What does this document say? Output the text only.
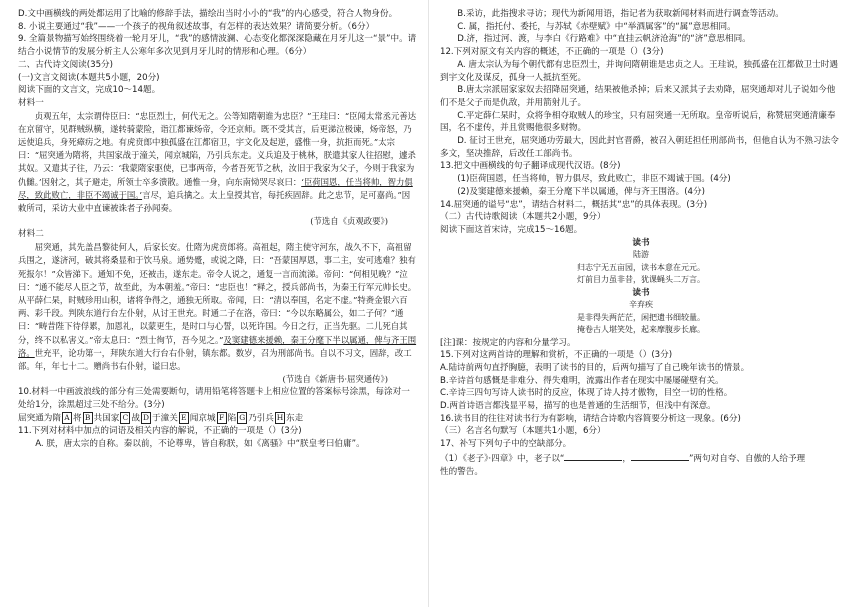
D.文中画横线的两处都运用了比喻的修辞手法，描绘出当时小小的“我”的内心感受，符合人物身份。

8. 小说主要通过“我”——一个孩子的视角叙述故事，有怎样的表达效果？请简要分析。（6分）

9. 全篇景物描写始终围绕着一轮月牙儿，“我”的感情波澜、心态变化都深深隐藏在月牙儿这一“景”中。请结合小说情节的发展分析主人公寒年多次见到月牙儿时的情形和心理。（6分）

二、古代诗文阅读(35分)

(一)文言文阅读(本题共5小题，20分)

阅读下面的文言文，完成10～14题。

材料一

贞观五年，太宗谓侍臣曰：“忠臣烈士，何代无之。公等知隋朝谁为忠臣？”王珪曰：“臣闻太常丞元善达在京留守，见群贼纵横，遂转骑蒙险，诣江都谏炀帝，令还京师。既不受其言，后更涕泣极谏，炀帝怒，乃远使追兵，身死瘴疠之地。有虎贲郎中独孤盛在江都宿卫，宇文化及起逆，盛惟一身，抗拒而死。”太宗曰：“屈突通为隋将，共国家战于潼关，闻京城陷，乃引兵东走。义兵追及于桃林，朕遣其家人往招慰，遽杀其奴。又遣其子往，乃云：‘我蒙隋家驱使，已事两帝，今者吾死节之秋，汝旧于我家为父子，今则于我家为仇雠。’因射之，其子避走，所领士卒多溃散。通惟一身，向东南恸哭尽哀曰：‘臣荷国恩，任当将帅，智力俱尽，致此败亡，非臣不竭诚于国。’言尽，追兵擒之。太上皇授其官，每托疾固辞。此之忠节，足可嘉尚。”因敕所司，采访大业中直谏被诛者子孙闻奏。

(节选自《贞观政要》)

材料二

屈突通，其先盖昌黎徒何人，后家长安。仕隋为虎贲郎将。高祖起，隋主使守河东，战久不下，高祖留兵围之，遂济河，破其将桑显和于饮马泉。通势蹙，或说之降，曰：“吾蒙国厚恩，事二主，安可逃难？独有死报尔！”众皆涕下。通知不免，还被击，遂东走。帝令人说之，通复一言而流涕。帝问：“何相见晚？”泣曰：“通不能尽人臣之节，故至此，为本朝羞。”帝曰：“忠臣也！”释之，授兵部尚书，为秦王行军元帅长史。从平薛仁杲，时贼珍用山积，诸将争得之，通独无所取。帝闻，曰：“清以奉国，名定不虚。”特赉金银六百两、彩千段。判陕东道行台左仆射，从讨王世充。时通二子在洛，帝曰：“今以东略属公，如二子何？”通曰：“畴昔陛下待俘累，加恩礼，以蒙更生，是时口与心誓，以死许国。今日之行，正当先驱。二儿死自其分，终不以私害义。”帝太息曰：“烈士徇节，吾今见之。”及窦建德来援赖，秦王分麾下半以属通，俾与齐王围洛。世充平，论功第一，拜陕东道大行台右仆射，镇东都。数岁，召为刑部尚书。自以不习文，固辞，改工部。年，年七十二。赠尚书右仆射，谥曰忠。

(节选自《新唐书·屈突通传》)

10.材料一中画波浪线的部分有三处需要断句，请用铅笔将答题卡上相应位置的答案标号涂黑，每涂对一处给1分，涂黑超过三处不给分。(3分)

屈突通为隋 A 将 B 共国家 C 战 D 于潼关 E 闻京城 F 陷 G 乃引兵 H 东走

11.下列对材料中加点的词语及相关内容的解说，不正确的一项是（）(3分)

A. 朕，唐太宗的自称。秦以前，不论尊卑，皆自称朕，如《离骚》中“朕皇考曰伯庸”。

B.采访，此指搜求寻访；现代为新闻用语，指记者为获取新闻材料而进行调查等活动。

C. 属，指托付、委托，与苏轼《赤壁赋》中“举酒属客”的“属”意思相同。

D.济，指过河、渡，与李白《行路难》中“直挂云帆济沧海”的“济”意思相同。

12.下列对原文有关内容的概述，不正确的一项是（）(3分)

A. 唐太宗认为每个朝代都有忠臣烈士，并询问隋朝谁是忠贞之人。王珪说，独孤盛在江都做卫士时遇到宇文化及谋反，孤身一人抵抗至死。

B.唐太宗派屈家家奴去招降屈突通，结果被他杀掉；后来又派其子去劝降，屈突通却对儿子说如今他们不是父子而是仇敌，并用箭射儿子。

C.平定薛仁杲时，众将争相夺取贼人的珍宝，只有屈突通一无所取。皇帝听说后，称赞屈突通清廉奉国，名不虚传，并且赏赐他很多财物。

D. 征讨王世充，屈突通功劳最大，因此封官晋爵，被召入朝廷担任刑部尚书，但他自认为不熟习法令多文，坚决推辞，后改任工部尚书。

13.把文中画横线的句子翻译成现代汉语。(8分)

(1)臣荷国恩，任当将帅，智力俱尽，致此败亡，非臣不竭诚于国。(4分)

(2)及窦建德来援赖，秦王分麾下半以属通，俾与齐王围洛。(4分)

14.屈突通的谥号“忠”，请结合材料二，概括其“忠”的具体表现。(3分)

（二）古代诗歌阅读（本题共2小题，9分）

阅读下面这首宋诗，完成15～16题。

读书

陆游

归志宁无五亩园，读书本意在元元。

灯前目力虽非昔，犹课蝇头二万言。

读书

辛弃疾

是非得失两茫茫，闲把遗书细较量。

掩卷古人堪笑处，起来摩腹步长廊。

[注]课：按规定的内容和分量学习。

15.下列对这两首诗的理解和赏析，不正确的一项是（）(3分)

A.陆诗前两句直抒胸臆，表明了读书的目的，后两句描写了自己晚年读书的情景。

B.辛诗首句感慨是非难分、得失难明，流露出作者在现实中屡屡碰壁有关。

C.辛诗三四句写诗人读书时的反应，体现了诗人持才傲物，目空一切的性格。

D.两首诗语言都浅显平易，描写的也是普通的生活细节，但浅中有深意。

16.读书目的往往对读书行为有影响，请结合诗歌内容简要分析这一现象。(6分)

（三）名言名句默写（本题共1小题，6分）

17、补写下列句子中的空缺部分。

（1）《老子》·四章》中，老子以“	，	”两句对自夸、自傲的人给予理

性的警告。
